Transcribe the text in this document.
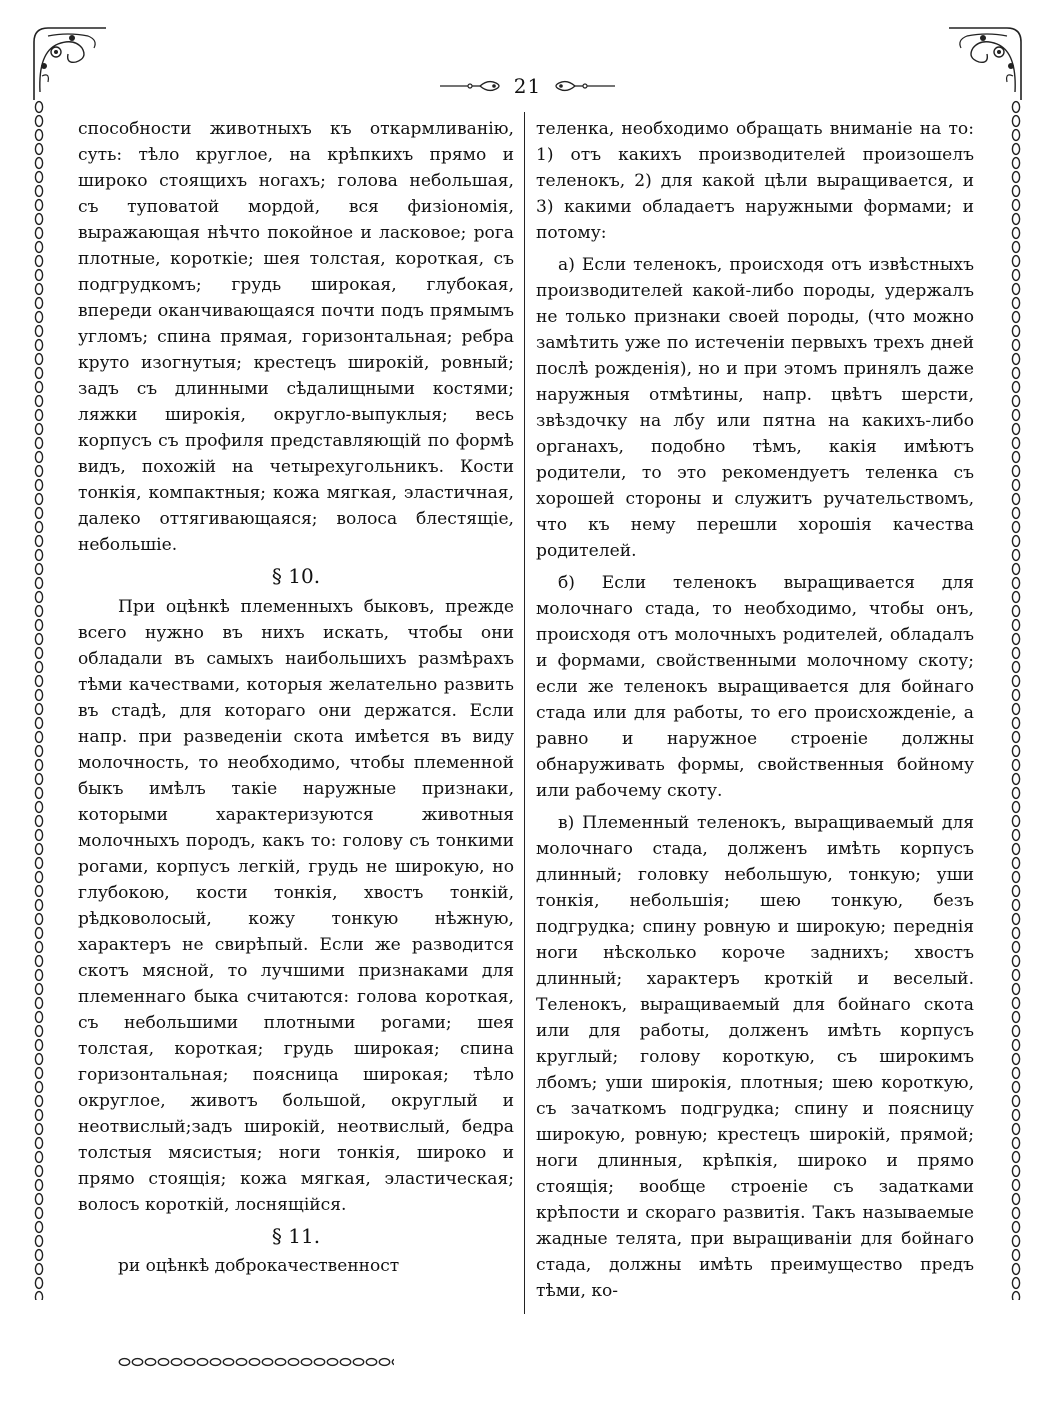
21

способности животныхъ къ откармливанію, суть: тѣло круглое, на крѣпкихъ прямо и широко стоящихъ ногахъ; голова небольшая, съ туповатой мордой, вся физіономія, выражающая нѣчто покойное и ласковое; рога плотные, короткіе; шея толстая, короткая, съ подгрудкомъ; грудь широкая, глубокая, впереди оканчивающаяся почти подъ прямымъ угломъ; спина прямая, горизонтальная; ребра круто изогнутыя; крестецъ широкій, ровный; задъ съ длинными сѣдалищными костями; ляжки широкія, округло-выпуклыя; весь корпусъ съ профиля представляющій по формѣ видъ, похожій на четырехугольникъ. Кости тонкія, компактныя; кожа мягкая, эластичная, далеко оттягивающаяся; волоса блестящіе, небольшіе.

§ 10.

При оцѣнкѣ племенныхъ быковъ, прежде всего нужно въ нихъ искать, чтобы они обладали въ самыхъ наибольшихъ размѣрахъ тѣми качествами, которыя желательно развить въ стадѣ, для котораго они держатся. Если напр. при разведеніи скота имѣется въ виду молочность, то необходимо, чтобы племенной быкъ имѣлъ такіе наружные признаки, которыми характеризуются животныя молочныхъ породъ, какъ то: голову съ тонкими рогами, корпусъ легкій, грудь не широкую, но глубокою, кости тонкія, хвостъ тонкій, рѣдковолосый, кожу тонкую нѣжную, характеръ не свирѣпый. Если же разводится скотъ мясной, то лучшими признаками для племеннаго быка считаются: голова короткая, съ небольшими плотными рогами; шея толстая, короткая; грудь широкая; спина горизонтальная; поясница широкая; тѣло округлое, животъ большой, округлый и неотвислый;задъ широкій, неотвислый, бедра толстыя мясистыя; ноги тонкія, широко и прямо стоящія; кожа мягкая, эластическая; волосъ короткій, лоснящійся.

§ 11.
ри оцѣнкѣ доброкачественност

теленка, необходимо обращать вниманіе на то: 1) отъ какихъ производителей произошелъ теленокъ, 2) для какой цѣли выращивается, и 3) какими обладаетъ наружными формами; и потому:

а) Если теленокъ, происходя отъ извѣстныхъ производителей какой-либо породы, удержалъ не только признаки своей породы, (что можно замѣтить уже по истеченіи первыхъ трехъ дней послѣ рожденія), но и при этомъ принялъ даже наружныя отмѣтины, напр. цвѣтъ шерсти, звѣздочку на лбу или пятна на какихъ-либо органахъ, подобно тѣмъ, какія имѣютъ родители, то это рекомендуетъ теленка съ хорошей стороны и служитъ ручательствомъ, что къ нему перешли хорошія качества родителей.

б) Если теленокъ выращивается для молочнаго стада, то необходимо, чтобы онъ, происходя отъ молочныхъ родителей, обладалъ и формами, свойственными молочному скоту; если же теленокъ выращивается для бойнаго стада или для работы, то его происхожденіе, а равно и наружное строеніе должны обнаруживать формы, свойственныя бойному или рабочему скоту.

в) Племенный теленокъ, выращиваемый для молочнаго стада, долженъ имѣть корпусъ длинный; головку небольшую, тонкую; уши тонкія, небольшія; шею тонкую, безъ подгрудка; спину ровную и широкую; переднія ноги нѣсколько короче заднихъ; хвостъ длинный; характеръ кроткій и веселый. Теленокъ, выращиваемый для бойнаго скота или для работы, долженъ имѣть корпусъ круглый; голову короткую, съ широкимъ лбомъ; уши широкія, плотныя; шею короткую, съ зачаткомъ подгрудка; спину и поясницу широкую, ровную; крестецъ широкій, прямой; ноги длинныя, крѣпкія, широко и прямо стоящія; вообще строеніе съ задатками крѣпости и скораго развитія. Такъ называемые жадные телята, при выращиваніи для бойнаго стада, должны имѣть преимущество предъ тѣми, ко-
